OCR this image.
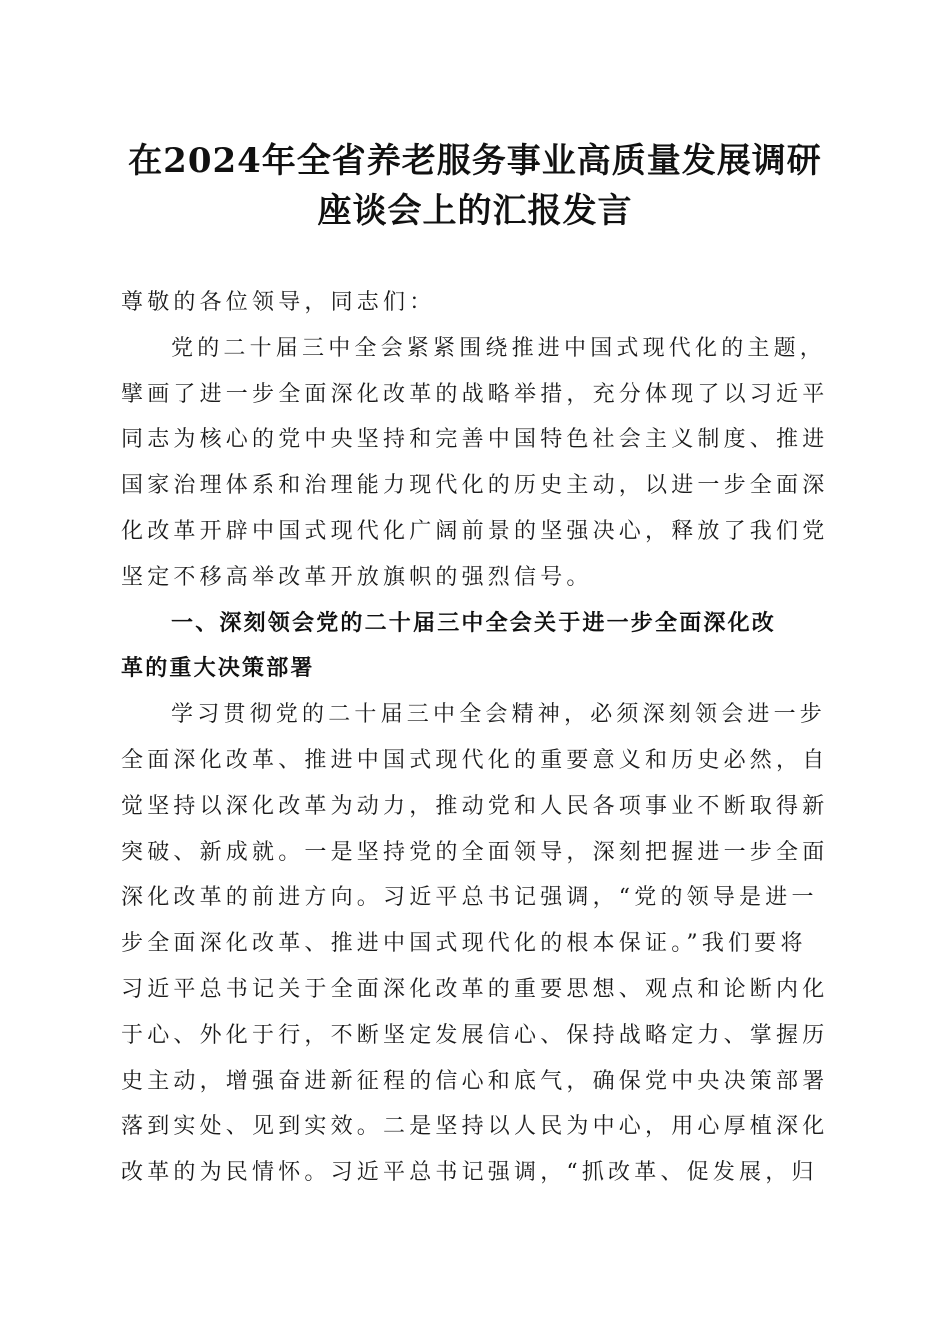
在2024年全省养老服务事业高质量发展调研
座谈会上的汇报发言
尊敬的各位领导，同志们：
党的二十届三中全会紧紧围绕推进中国式现代化的主题，
擘画了进一步全面深化改革的战略举措，充分体现了以习近平
同志为核心的党中央坚持和完善中国特色社会主义制度、推进
国家治理体系和治理能力现代化的历史主动，以进一步全面深
化改革开辟中国式现代化广阔前景的坚强决心，释放了我们党
坚定不移高举改革开放旗帜的强烈信号。
一、深刻领会党的二十届三中全会关于进一步全面深化改
革的重大决策部署
学习贯彻党的二十届三中全会精神，必须深刻领会进一步
全面深化改革、推进中国式现代化的重要意义和历史必然，自
觉坚持以深化改革为动力，推动党和人民各项事业不断取得新
突破、新成就。一是坚持党的全面领导，深刻把握进一步全面
深化改革的前进方向。习近平总书记强调，“党的领导是进一
步全面深化改革、推进中国式现代化的根本保证。”我们要将
习近平总书记关于全面深化改革的重要思想、观点和论断内化
于心、外化于行，不断坚定发展信心、保持战略定力、掌握历
史主动，增强奋进新征程的信心和底气，确保党中央决策部署
落到实处、见到实效。二是坚持以人民为中心，用心厚植深化
改革的为民情怀。习近平总书记强调，“抓改革、促发展，归
